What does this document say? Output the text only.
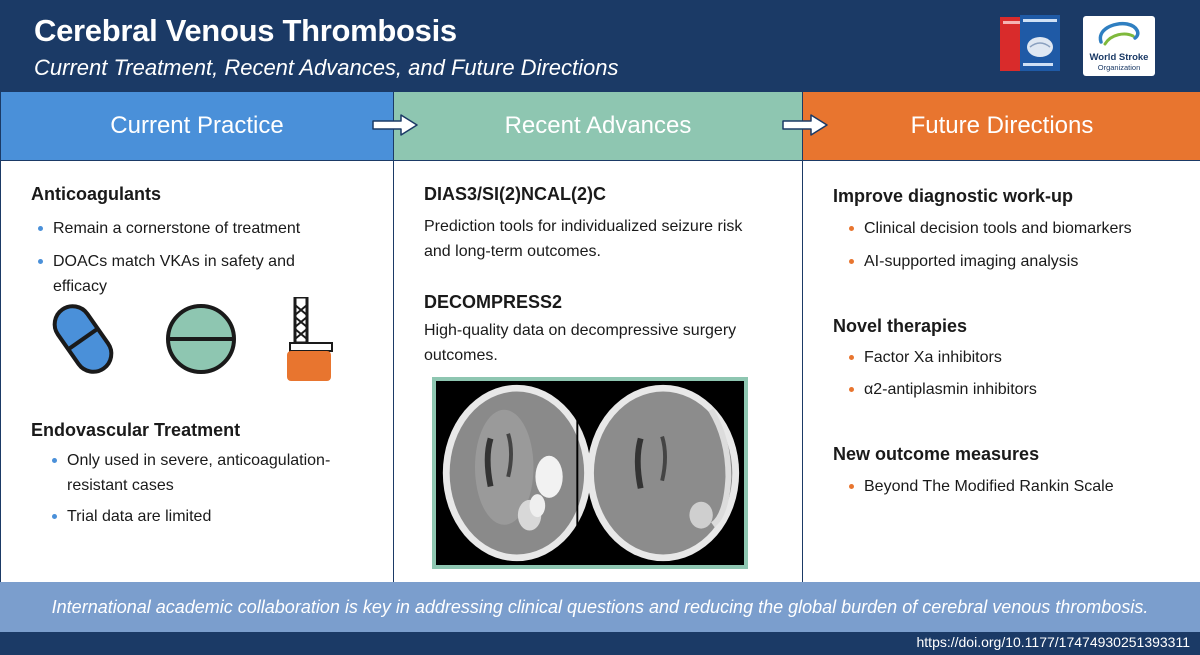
Cerebral Venous Thrombosis
Current Treatment, Recent Advances, and Future Directions	World Stroke
Organization
Current Practice	Recent Advances	Future Directions
Anticoagulants
Remain a cornerstone of treatment
DOACs match VKAs in safety and
efficacy
Endovascular Treatment
Only used in severe, anticoagulation-
resistant cases
Trial data are limited
DIAS3/SI(2)NCAL(2)C
Prediction tools for individualized seizure risk
and long-term outcomes.
DECOMPRESS2
High-quality data on decompressive surgery
outcomes.
Improve diagnostic work-up
Clinical decision tools and biomarkers
AI-supported imaging analysis
Novel therapies
Factor Xa inhibitors
α2-antiplasmin inhibitors
New outcome measures
Beyond The Modified Rankin Scale
International academic collaboration is key in addressing clinical questions and reducing the global burden of cerebral venous thrombosis.
https://doi.org/10.1177/17474930251393311
